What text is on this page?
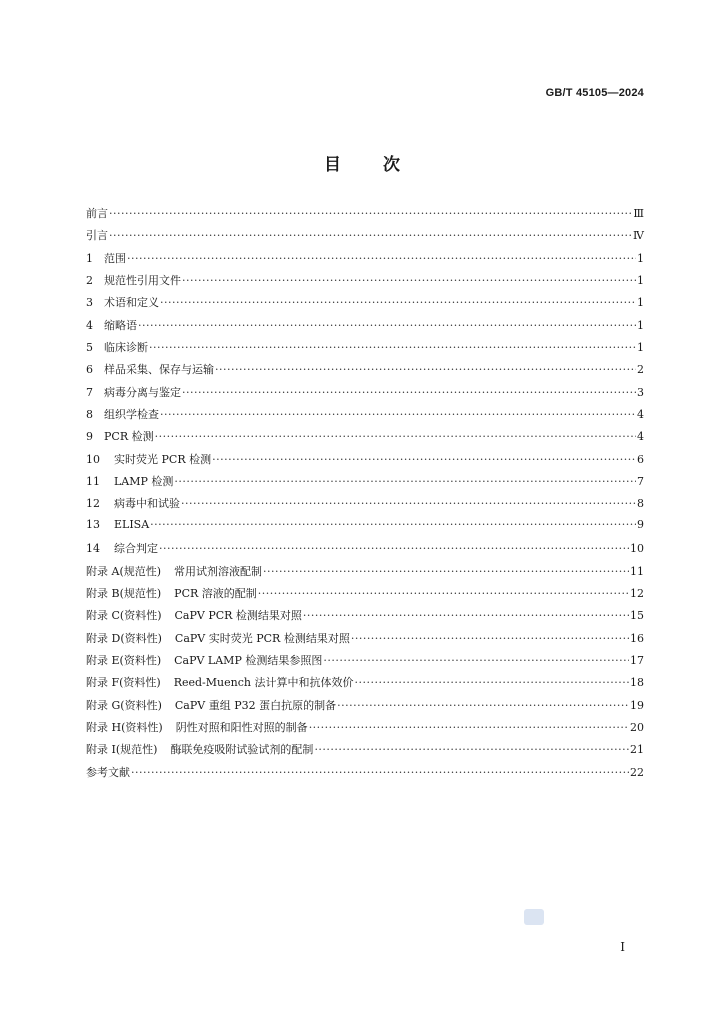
GB/T 45105—2024
目 次
前言 ·····	Ⅲ
引言 ·····	Ⅳ
1 范围 ·····	1
2 规范性引用文件 ·····	1
3 术语和定义 ·····	1
4 缩略语 ·····	1
5 临床诊断 ·····	1
6 样品采集、保存与运输 ·····	2
7 病毒分离与鉴定 ·····	3
8 组织学检查 ·····	4
9 PCR 检测 ·····	4
10 实时荧光 PCR 检测 ·····	6
11 LAMP 检测 ·····	7
12 病毒中和试验 ·····	8
13 ELISA ·····	9
14 综合判定 ·····	10
附录 A(规范性) 常用试剂溶液配制 ·····	11
附录 B(规范性) PCR 溶液的配制 ·····	12
附录 C(资料性) CaPV PCR 检测结果对照 ·····	15
附录 D(资料性) CaPV 实时荧光 PCR 检测结果对照 ·····	16
附录 E(资料性) CaPV LAMP 检测结果参照图 ·····	17
附录 F(资料性) Reed-Muench 法计算中和抗体效价 ·····	18
附录 G(资料性) CaPV 重组 P32 蛋白抗原的制备 ·····	19
附录 H(资料性) 阴性对照和阳性对照的制备 ·····	20
附录 I(规范性) 酶联免疫吸附试验试剂的配制 ·····	21
参考文献 ·····	22
I
